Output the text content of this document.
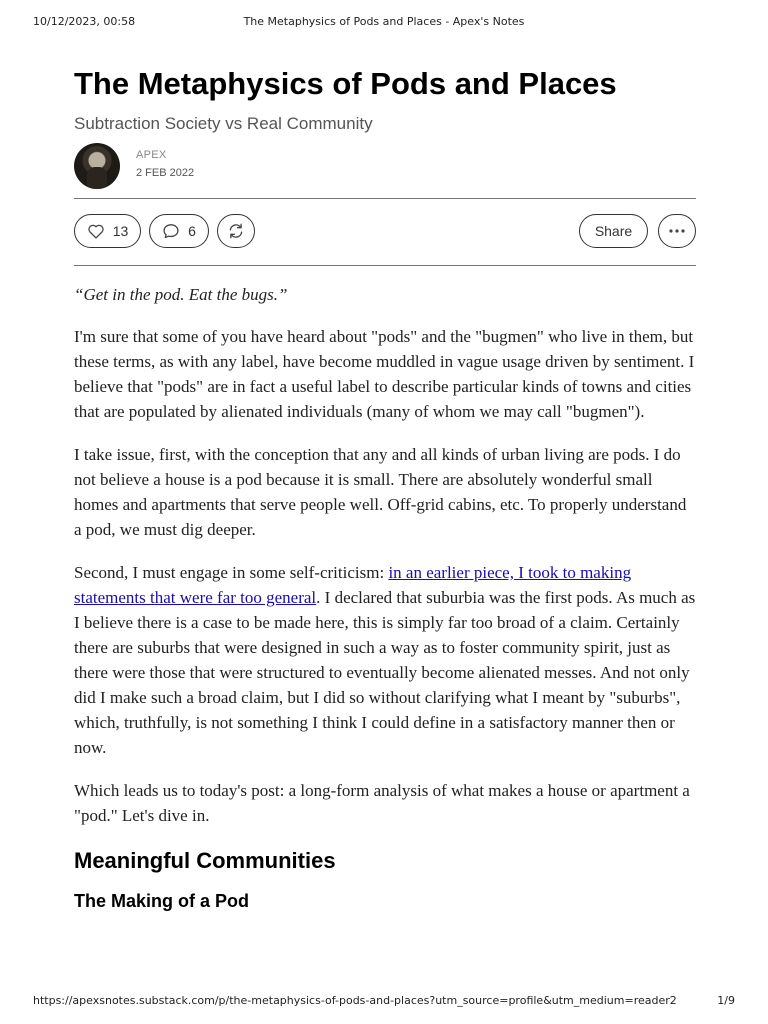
10/12/2023, 00:58	The Metaphysics of Pods and Places - Apex's Notes
The Metaphysics of Pods and Places
Subtraction Society vs Real Community
APEX
2 FEB 2022
13	6	Share

“Get in the pod. Eat the bugs.”

I'm sure that some of you have heard about "pods" and the "bugmen" who live in them, but these terms, as with any label, have become muddled in vague usage driven by sentiment. I believe that "pods" are in fact a useful label to describe particular kinds of towns and cities that are populated by alienated individuals (many of whom we may call "bugmen").

I take issue, first, with the conception that any and all kinds of urban living are pods. I do not believe a house is a pod because it is small. There are absolutely wonderful small homes and apartments that serve people well. Off-grid cabins, etc. To properly understand a pod, we must dig deeper.

Second, I must engage in some self-criticism: in an earlier piece, I took to making statements that were far too general. I declared that suburbia was the first pods. As much as I believe there is a case to be made here, this is simply far too broad of a claim. Certainly there are suburbs that were designed in such a way as to foster community spirit, just as there were those that were structured to eventually become alienated messes. And not only did I make such a broad claim, but I did so without clarifying what I meant by "suburbs", which, truthfully, is not something I think I could define in a satisfactory manner then or now.

Which leads us to today's post: a long-form analysis of what makes a house or apartment a "pod." Let's dive in.

Meaningful Communities
The Making of a Pod
https://apexsnotes.substack.com/p/the-metaphysics-of-pods-and-places?utm_source=profile&utm_medium=reader2	1/9
